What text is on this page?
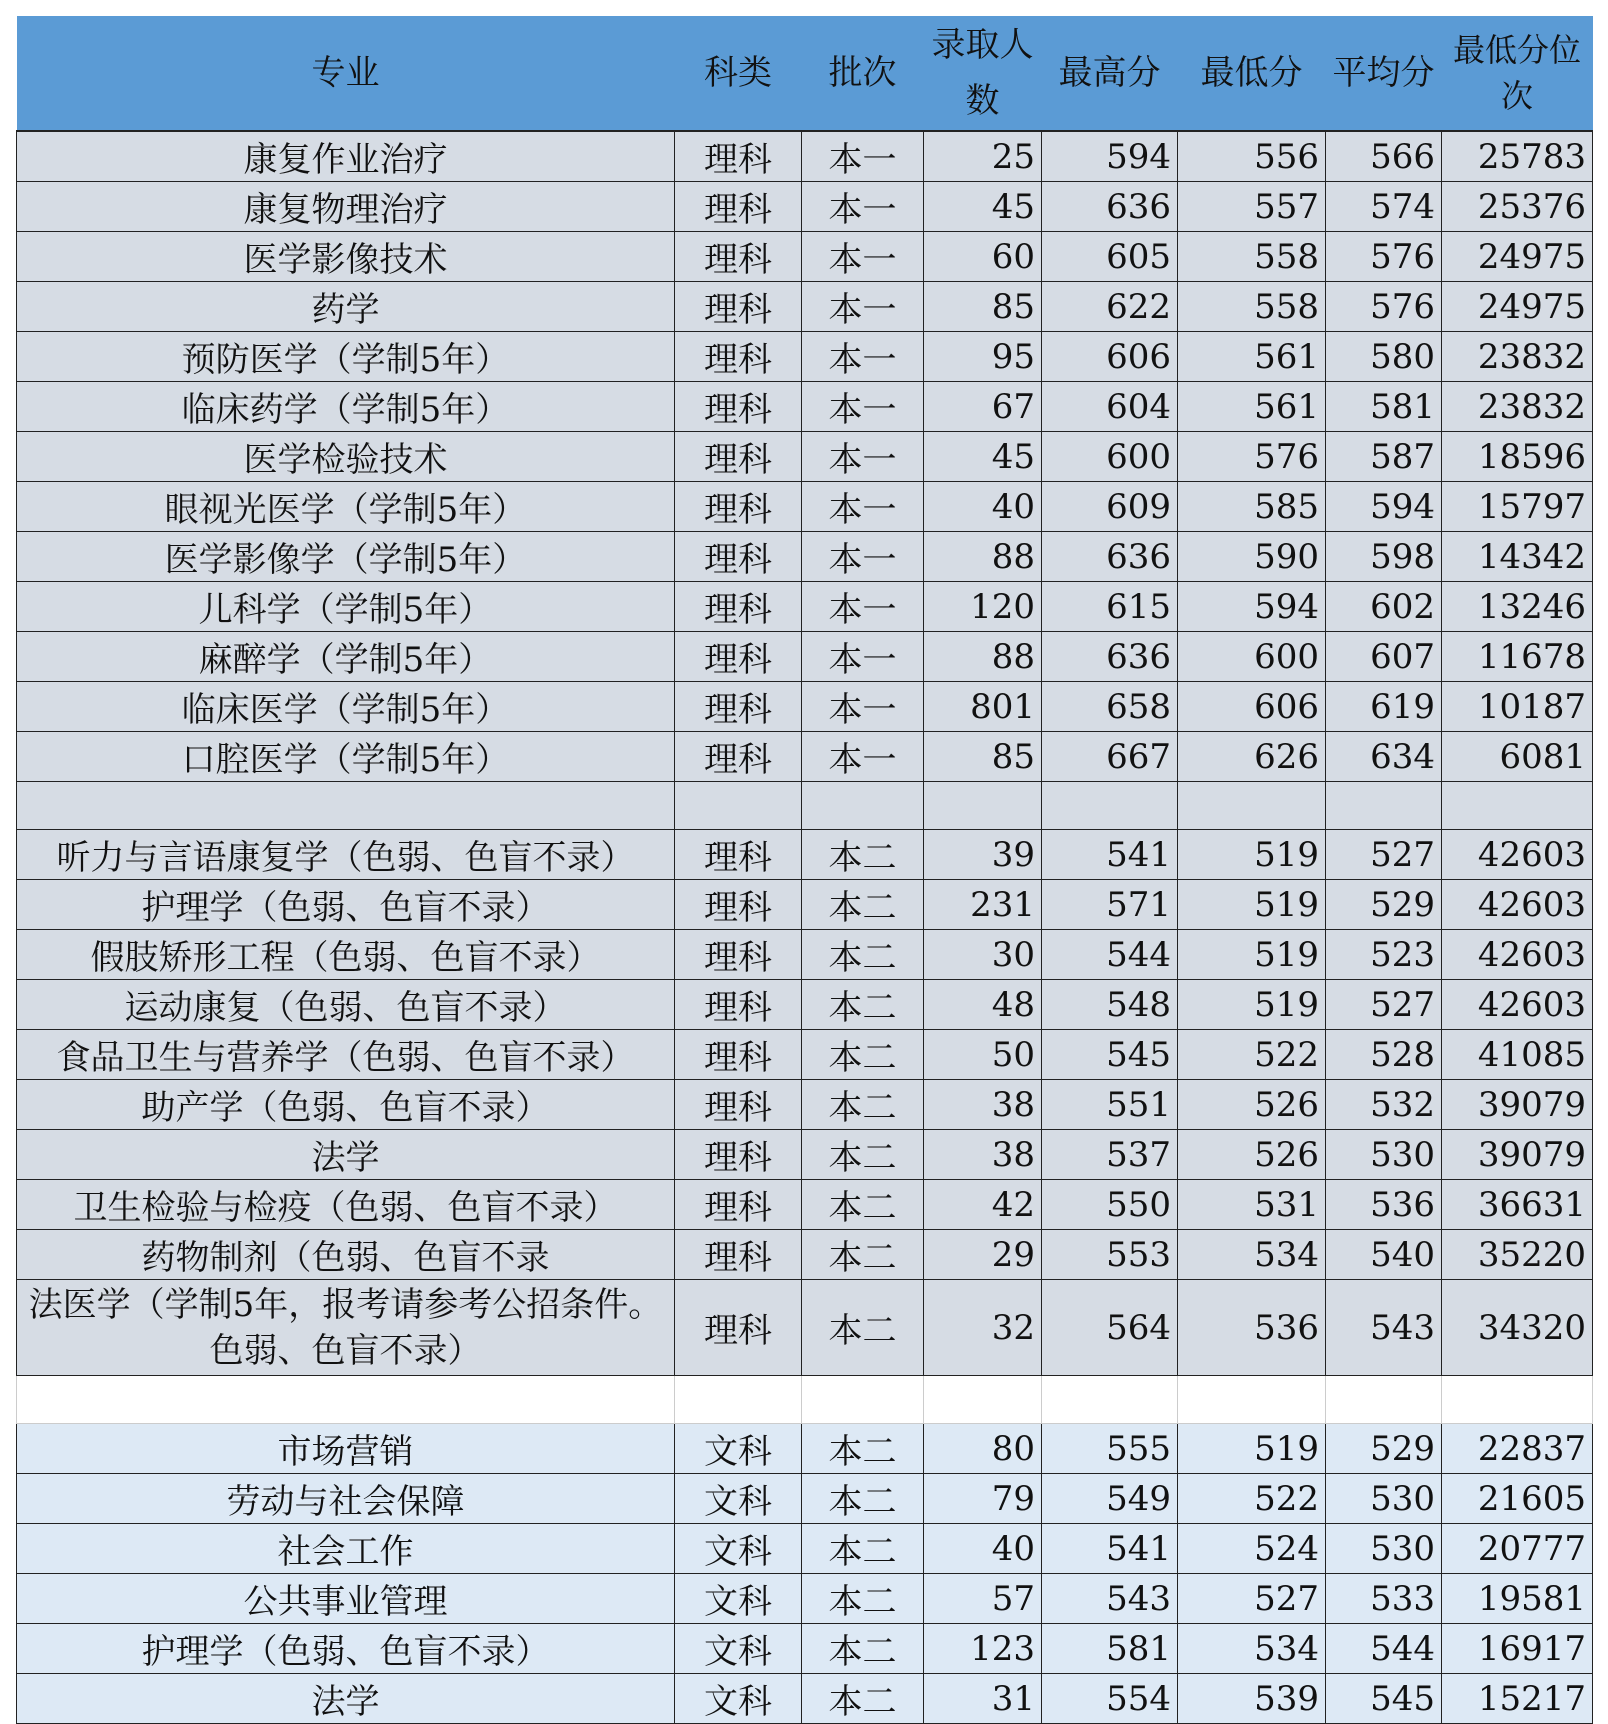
专业	科类	批次	录取人数	最高分	最低分	平均分	最低分位次

康复作业治疗	理科	本一	25	594	556	566	25783
康复物理治疗	理科	本一	45	636	557	574	25376
医学影像技术	理科	本一	60	605	558	576	24975
药学	理科	本一	85	622	558	576	24975
预防医学（学制5年）	理科	本一	95	606	561	580	23832
临床药学（学制5年）	理科	本一	67	604	561	581	23832
医学检验技术	理科	本一	45	600	576	587	18596
眼视光医学（学制5年）	理科	本一	40	609	585	594	15797
医学影像学（学制5年）	理科	本一	88	636	590	598	14342
儿科学（学制5年）	理科	本一	120	615	594	602	13246
麻醉学（学制5年）	理科	本一	88	636	600	607	11678
临床医学（学制5年）	理科	本一	801	658	606	619	10187
口腔医学（学制5年）	理科	本一	85	667	626	634	6081

听力与言语康复学（色弱、色盲不录）	理科	本二	39	541	519	527	42603
护理学（色弱、色盲不录）	理科	本二	231	571	519	529	42603
假肢矫形工程（色弱、色盲不录）	理科	本二	30	544	519	523	42603
运动康复（色弱、色盲不录）	理科	本二	48	548	519	527	42603
食品卫生与营养学（色弱、色盲不录）	理科	本二	50	545	522	528	41085
助产学（色弱、色盲不录）	理科	本二	38	551	526	532	39079
法学	理科	本二	38	537	526	530	39079
卫生检验与检疫（色弱、色盲不录）	理科	本二	42	550	531	536	36631
药物制剂（色弱、色盲不录	理科	本二	29	553	534	540	35220
法医学（学制5年，报考请参考公招条件。色弱、色盲不录）	理科	本二	32	564	536	543	34320

市场营销	文科	本二	80	555	519	529	22837
劳动与社会保障	文科	本二	79	549	522	530	21605
社会工作	文科	本二	40	541	524	530	20777
公共事业管理	文科	本二	57	543	527	533	19581
护理学（色弱、色盲不录）	文科	本二	123	581	534	544	16917
法学	文科	本二	31	554	539	545	15217
